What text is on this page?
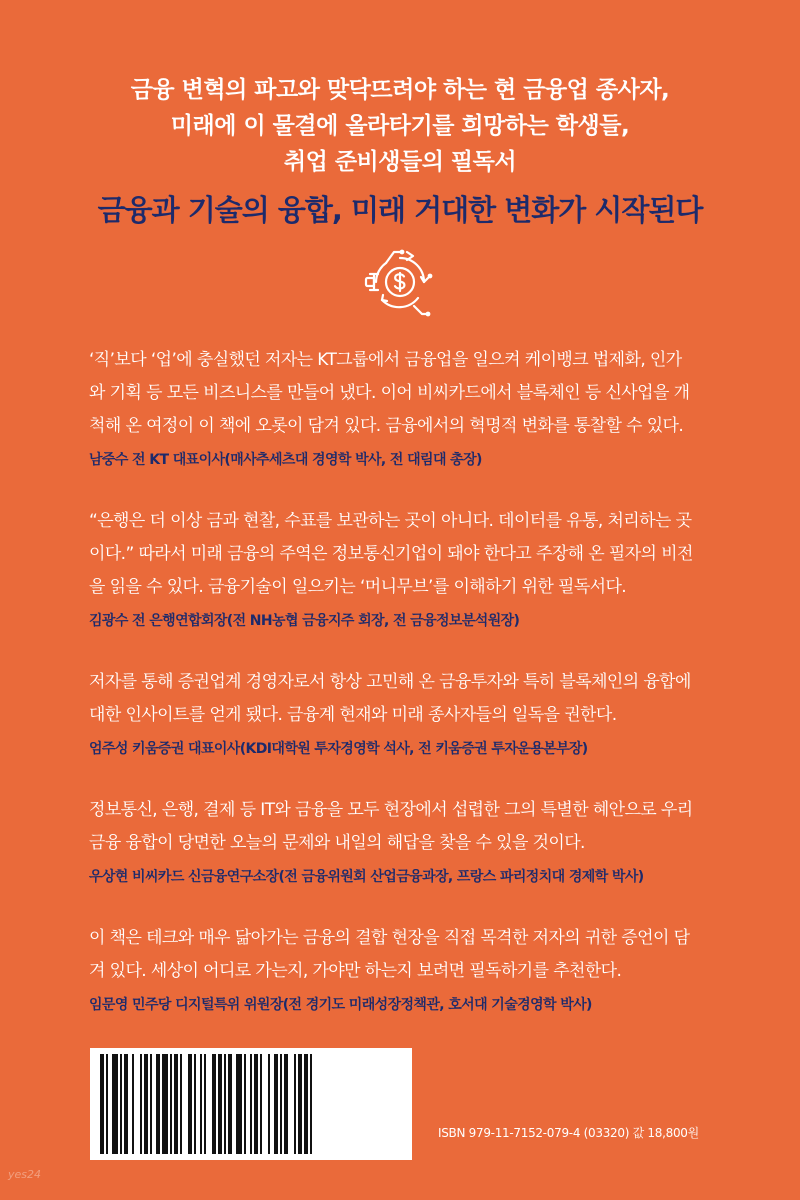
금융 변혁의 파고와 맞닥뜨려야 하는 현 금융업 종사자,

미래에 이 물결에 올라타기를 희망하는 학생들,

취업 준비생들의 필독서

금융과 기술의 융합, 미래 거대한 변화가 시작된다

‘직’보다 ‘업’에 충실했던 저자는 KT그룹에서 금융업을 일으켜 케이뱅크 법제화, 인가

와 기획 등 모든 비즈니스를 만들어 냈다. 이어 비씨카드에서 블록체인 등 신사업을 개

척해 온 여정이 이 책에 오롯이 담겨 있다. 금융에서의 혁명적 변화를 통찰할 수 있다.

남중수 전 KT 대표이사(매사추세츠대 경영학 박사, 전 대림대 총장)

“은행은 더 이상 금과 현찰, 수표를 보관하는 곳이 아니다. 데이터를 유통, 처리하는 곳

이다.” 따라서 미래 금융의 주역은 정보통신기업이 돼야 한다고 주장해 온 필자의 비전

을 읽을 수 있다. 금융기술이 일으키는 ‘머니무브’를 이해하기 위한 필독서다.

김광수 전 은행연합회장(전 NH농협 금융지주 회장, 전 금융정보분석원장)

저자를 통해 증권업계 경영자로서 항상 고민해 온 금융투자와 특히 블록체인의 융합에

대한 인사이트를 얻게 됐다. 금융계 현재와 미래 종사자들의 일독을 권한다.

엄주성 키움증권 대표이사(KDI대학원 투자경영학 석사, 전 키움증권 투자운용본부장)

정보통신, 은행, 결제 등 IT와 금융을 모두 현장에서 섭렵한 그의 특별한 혜안으로 우리

금융 융합이 당면한 오늘의 문제와 내일의 해답을 찾을 수 있을 것이다.

우상현 비씨카드 신금융연구소장(전 금융위원회 산업금융과장, 프랑스 파리정치대 경제학 박사)

이 책은 테크와 매우 닮아가는 금융의 결합 현장을 직접 목격한 저자의 귀한 증언이 담

겨 있다. 세상이 어디로 가는지, 가야만 하는지 보려면 필독하기를 추천한다.

임문영 민주당 디지털특위 위원장(전 경기도 미래성장정책관, 호서대 기술경영학 박사)

ISBN 979-11-7152-079-4 (03320) 값 18,800원
yes24
